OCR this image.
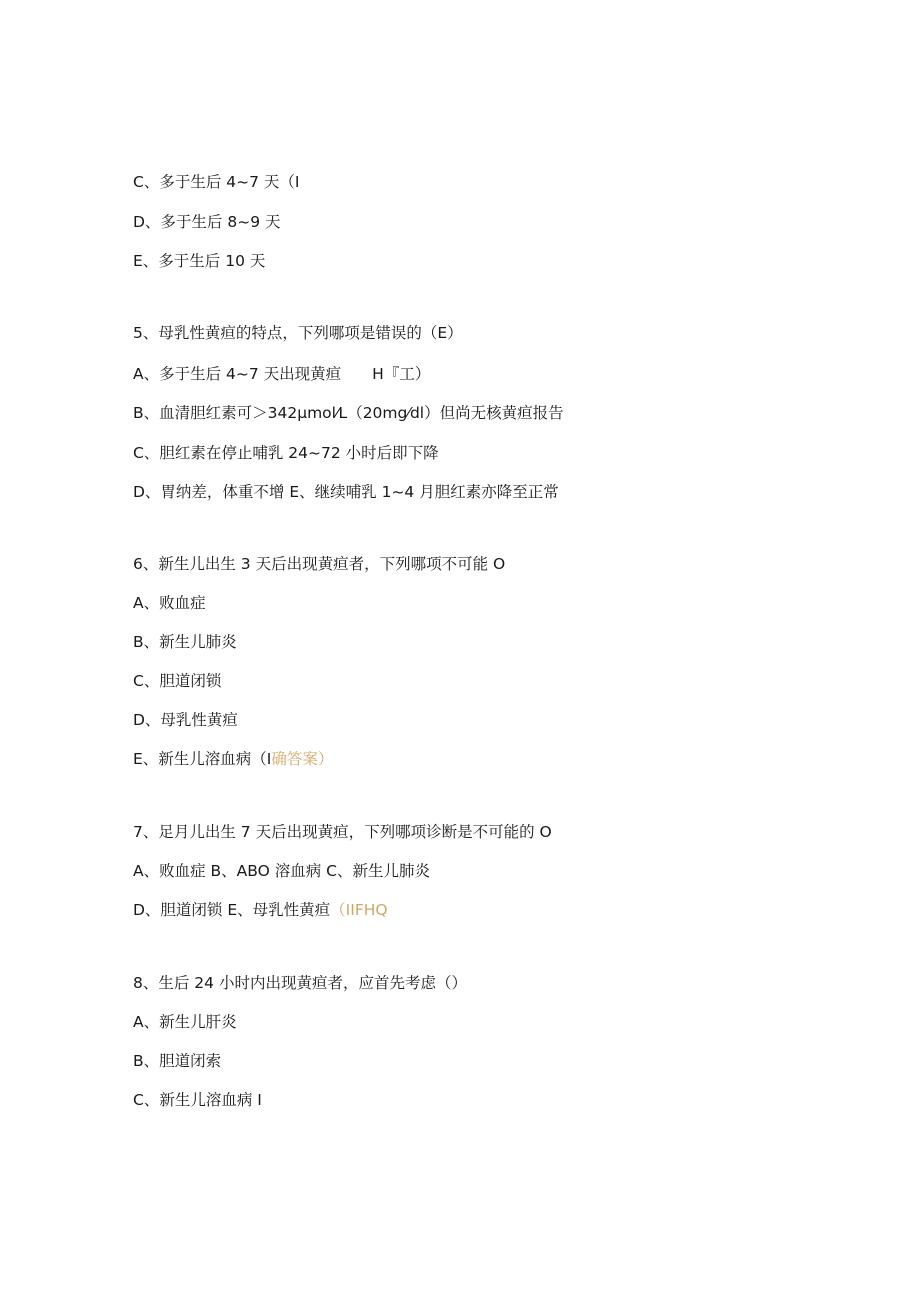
C、多于生后 4~7 天（I
D、多于生后 8~9 天
E、多于生后 10 天
5、母乳性黄疸的特点，下列哪项是错误的（E）
A、多于生后 4~7 天出现黄疸　　H『工）
B、血清胆红素可＞342μmol⁄L（20mg⁄dl）但尚无核黄疸报告
C、胆红素在停止哺乳 24~72 小时后即下降
D、胃纳差，体重不增 E、继续哺乳 1~4 月胆红素亦降至正常
6、新生儿出生 3 天后出现黄疸者，下列哪项不可能 O
A、败血症
B、新生儿肺炎
C、胆道闭锁
D、母乳性黄疸
E、新生儿溶血病（I确答案）
7、足月儿出生 7 天后出现黄疸，下列哪项诊断是不可能的 O
A、败血症 B、ABO 溶血病 C、新生儿肺炎
D、胆道闭锁 E、母乳性黄疸（IIFHQ
8、生后 24 小时内出现黄疸者，应首先考虑（）
A、新生儿肝炎
B、胆道闭索
C、新生儿溶血病 I
